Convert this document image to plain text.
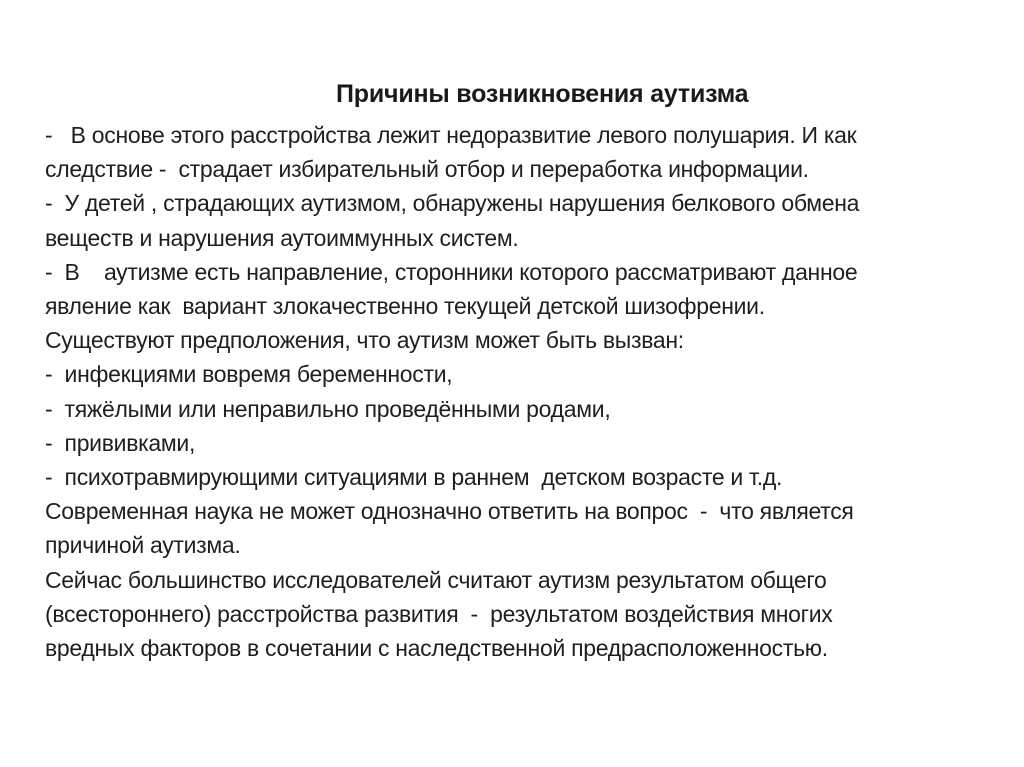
Причины возникновения аутизма
-   В основе этого расстройства лежит недоразвитие левого полушария. И как
следствие -  страдает избирательный отбор и переработка информации.
-  У детей , страдающих аутизмом, обнаружены нарушения белкового обмена
веществ и нарушения аутоиммунных систем.
-  В    аутизме есть направление, сторонники которого рассматривают данное
явление как  вариант злокачественно текущей детской шизофрении.
Существуют предположения, что аутизм может быть вызван:
-  инфекциями вовремя беременности,
-  тяжёлыми или неправильно проведёнными родами,
-  прививками,
-  психотравмирующими ситуациями в раннем  детском возрасте и т.д.
Современная наука не может однозначно ответить на вопрос  -  что является
причиной аутизма.
Сейчас большинство исследователей считают аутизм результатом общего
(всестороннего) расстройства развития  -  результатом воздействия многих
вредных факторов в сочетании с наследственной предрасположенностью.
